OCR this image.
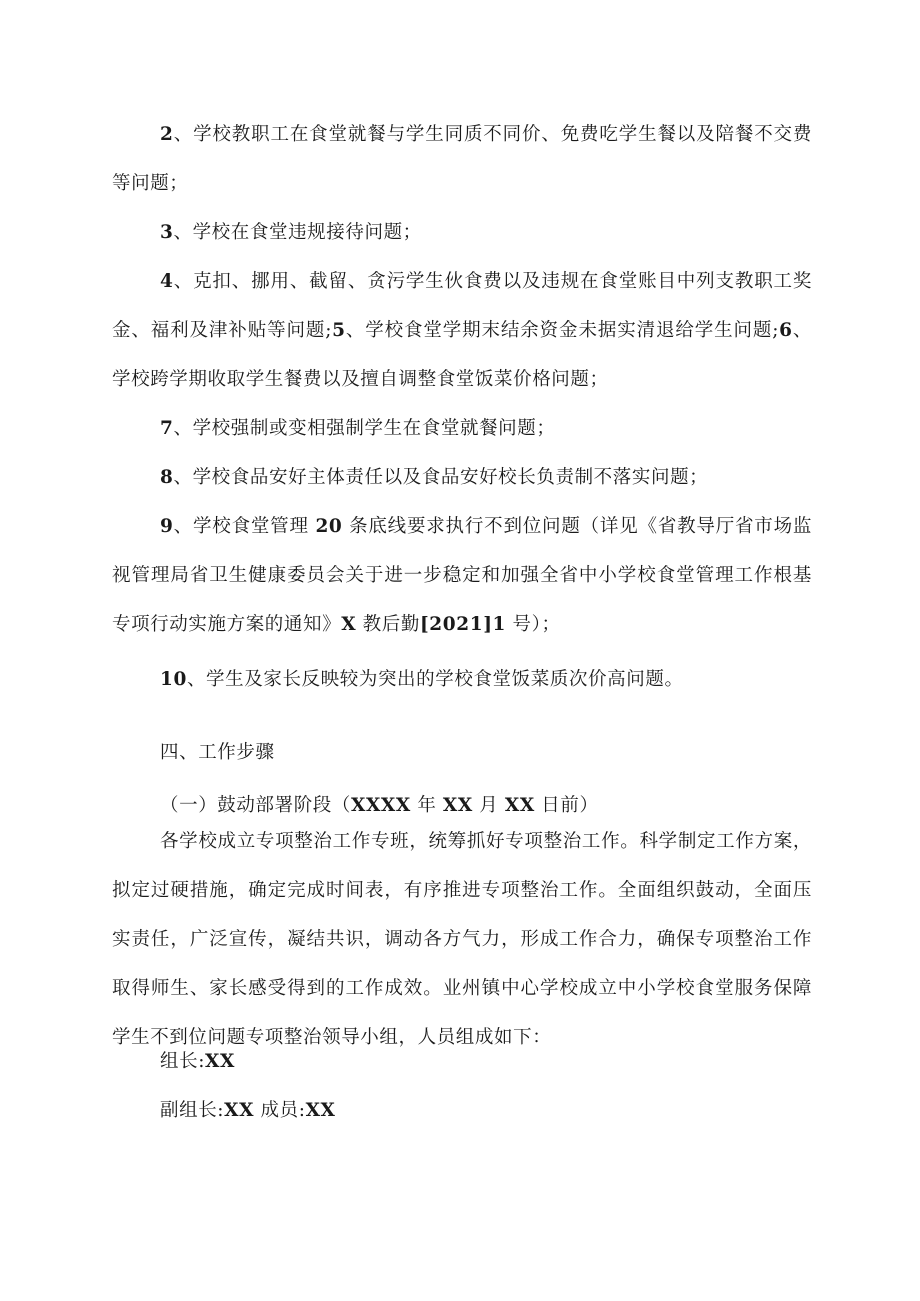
2、学校教职工在食堂就餐与学生同质不同价、免费吃学生餐以及陪餐不交费等问题；

3、学校在食堂违规接待问题；

4、克扣、挪用、截留、贪污学生伙食费以及违规在食堂账目中列支教职工奖金、福利及津补贴等问题;5、学校食堂学期末结余资金未据实清退给学生问题;6、学校跨学期收取学生餐费以及擅自调整食堂饭菜价格问题；

7、学校强制或变相强制学生在食堂就餐问题；

8、学校食品安好主体责任以及食品安好校长负责制不落实问题；

9、学校食堂管理 20 条底线要求执行不到位问题（详见《省教导厅省市场监视管理局省卫生健康委员会关于进一步稳定和加强全省中小学校食堂管理工作根基专项行动实施方案的通知》X 教后勤[2021]1 号）；

10、学生及家长反映较为突出的学校食堂饭菜质次价高问题。

四、工作步骤

（一）鼓动部署阶段（XXXX 年 XX 月 XX 日前）

各学校成立专项整治工作专班，统筹抓好专项整治工作。科学制定工作方案，拟定过硬措施，确定完成时间表，有序推进专项整治工作。全面组织鼓动，全面压实责任，广泛宣传，凝结共识，调动各方气力，形成工作合力，确保专项整治工作取得师生、家长感受得到的工作成效。业州镇中心学校成立中小学校食堂服务保障学生不到位问题专项整治领导小组，人员组成如下：

组长:XX

副组长:XX 成员:XX
